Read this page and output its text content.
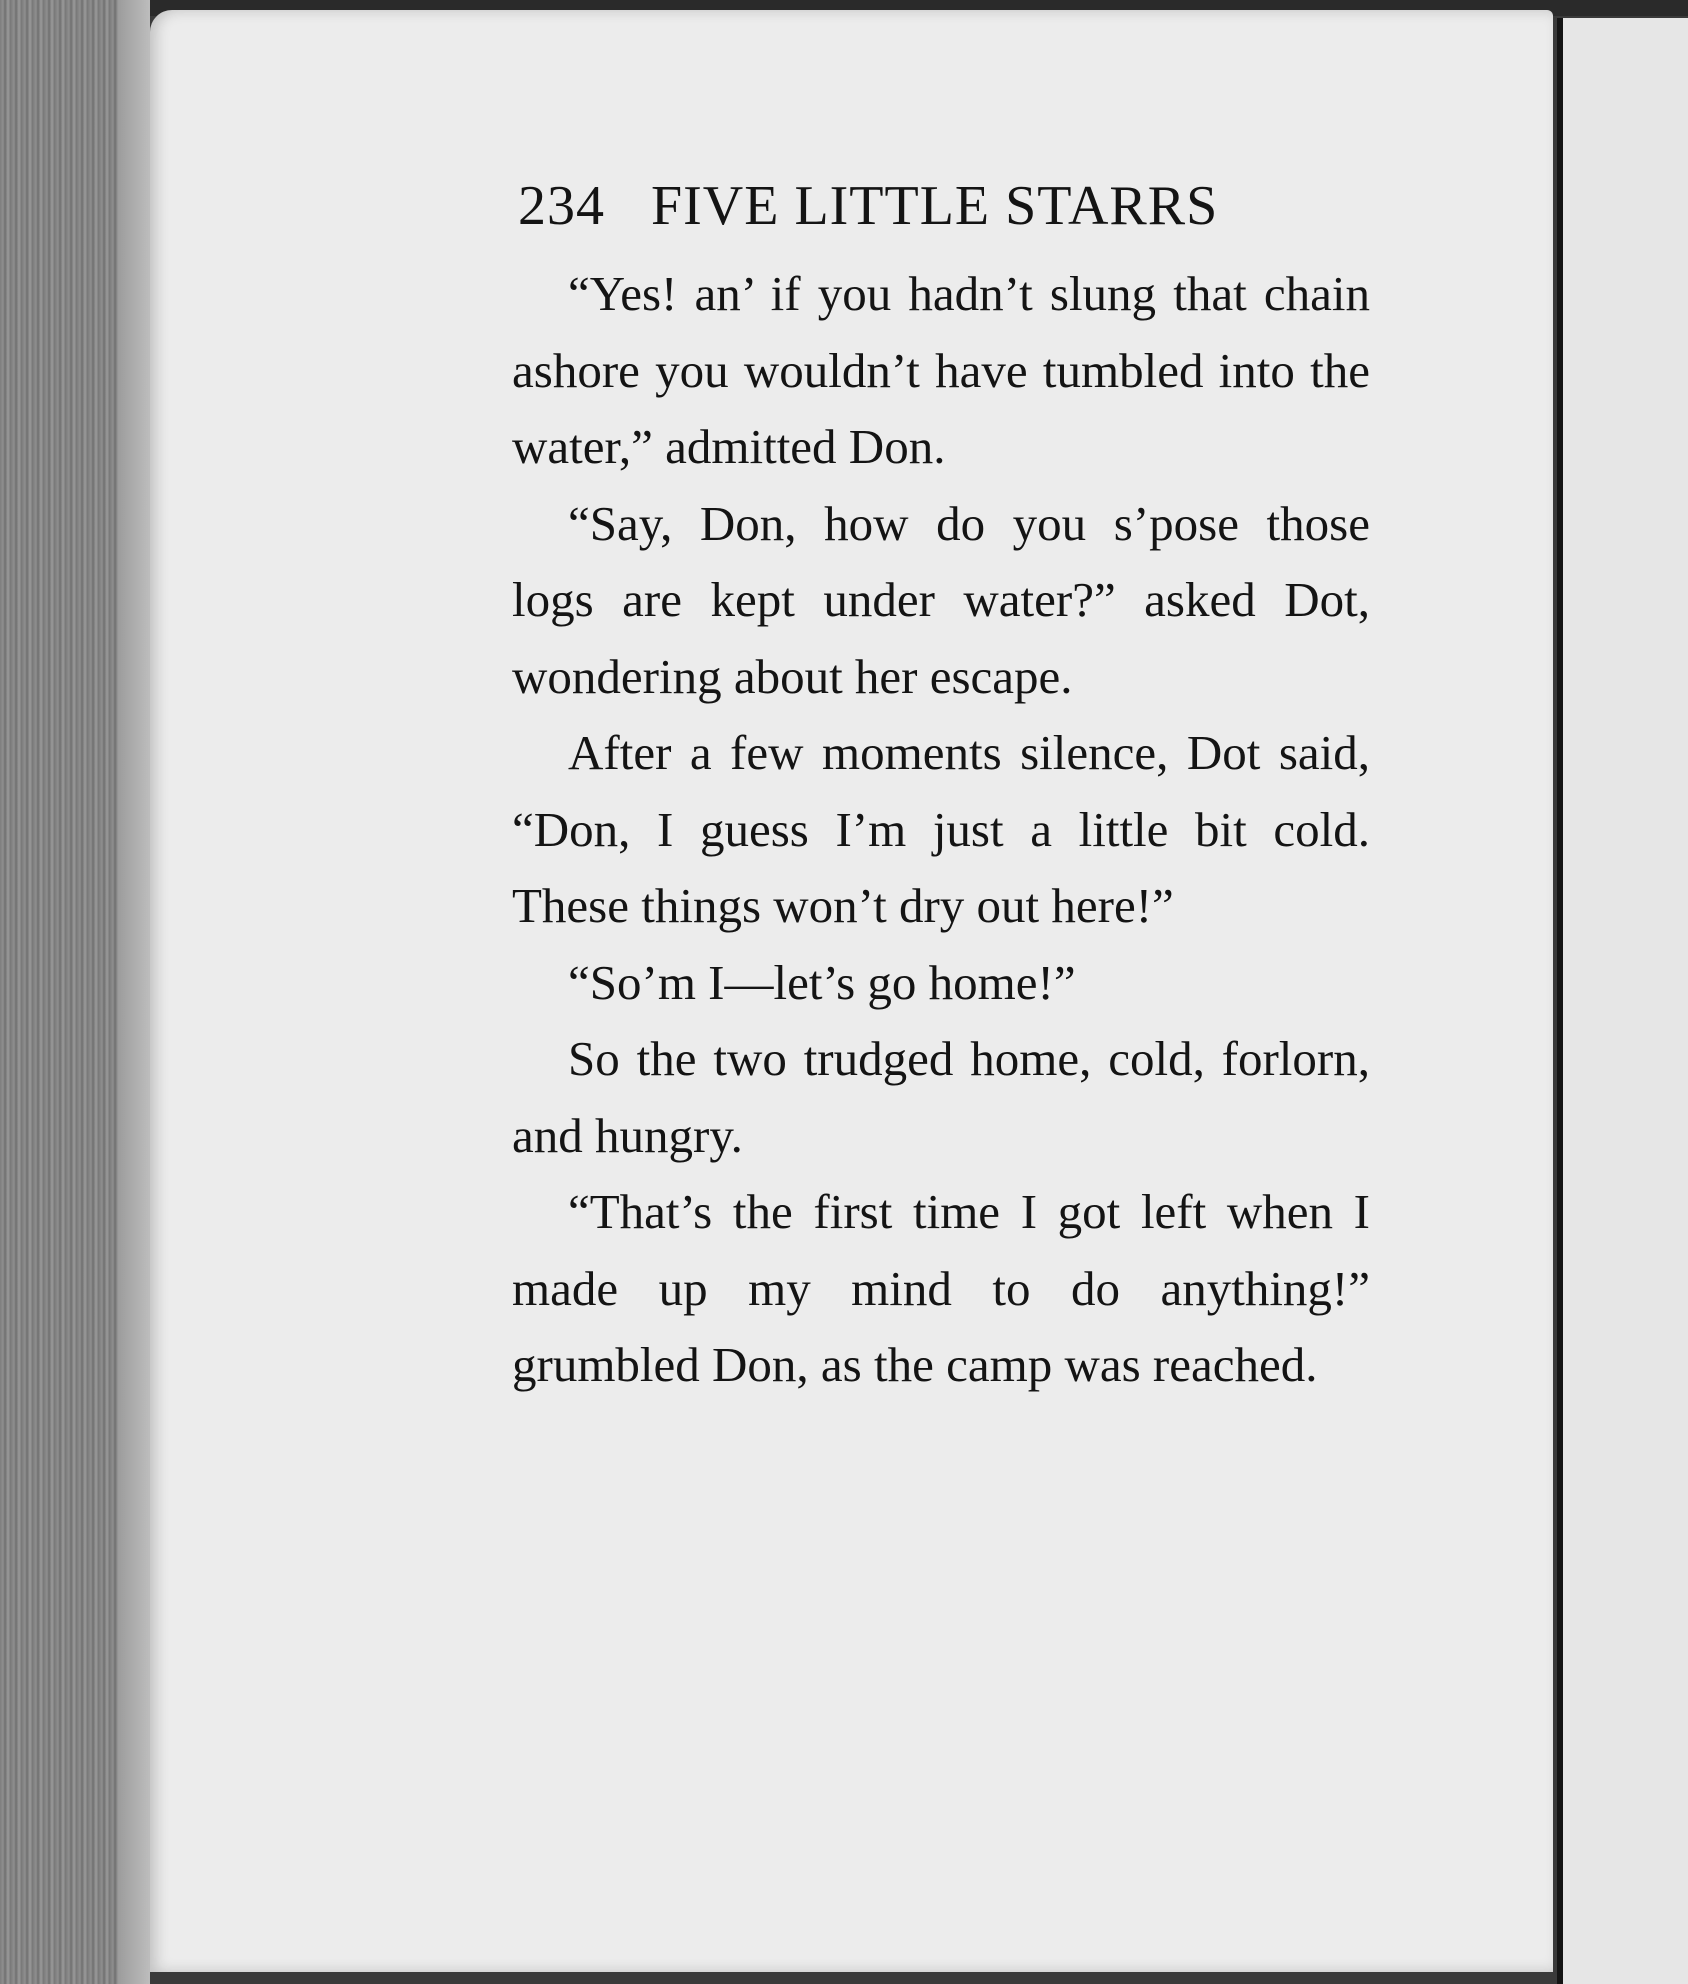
234 FIVE LITTLE STARRS

“Yes! an’ if you hadn’t slung that chain ashore you wouldn’t have tumbled into the water,” admitted Don.

“Say, Don, how do you s’pose those logs are kept under water?” asked Dot, wondering about her escape.

After a few moments silence, Dot said, “Don, I guess I’m just a little bit cold. These things won’t dry out here!”

“So’m I—let’s go home!”

So the two trudged home, cold, forlorn, and hungry.

“That’s the first time I got left when I made up my mind to do anything!” grumbled Don, as the camp was reached.
